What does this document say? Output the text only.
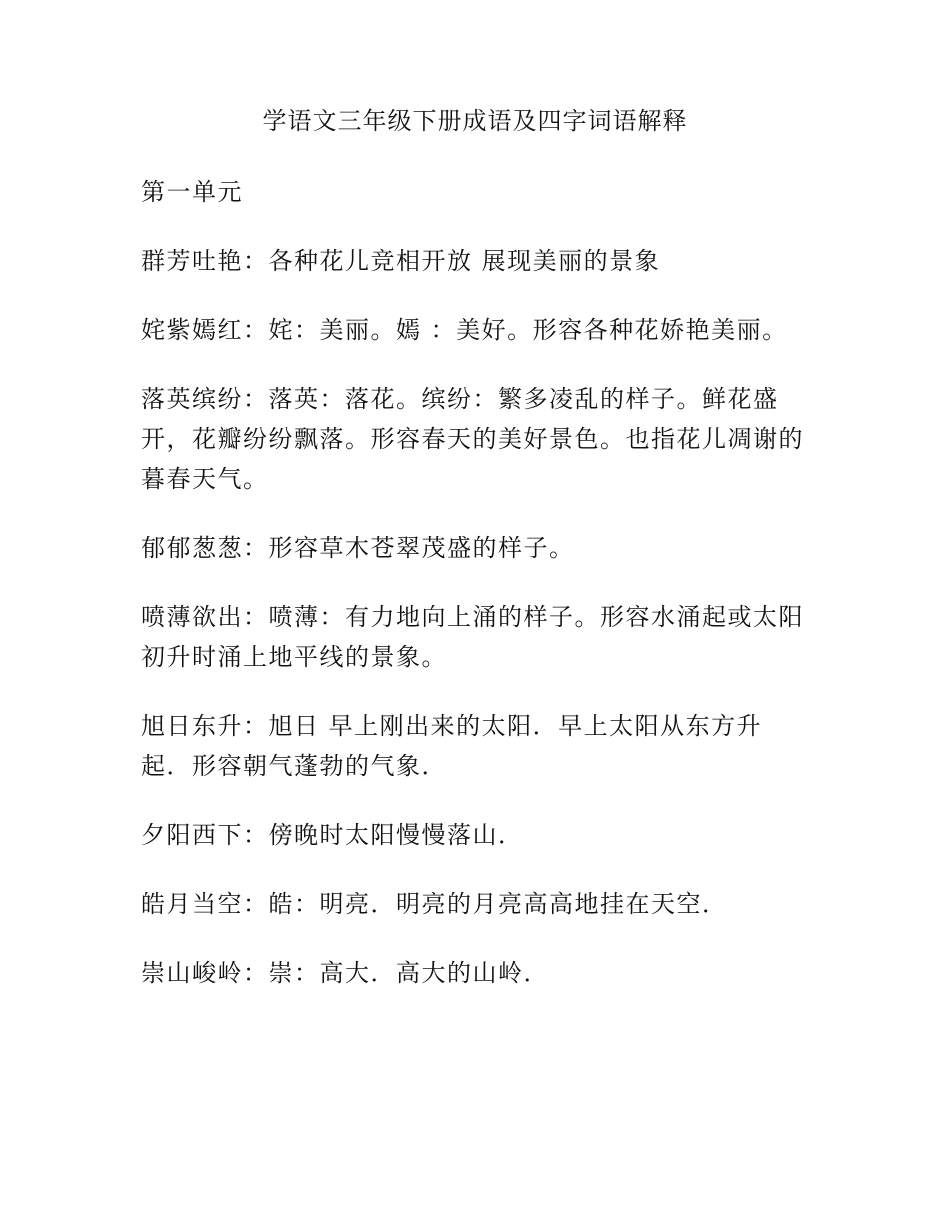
学语文三年级下册成语及四字词语解释

第一单元

群芳吐艳：各种花儿竞相开放 展现美丽的景象

姹紫嫣红：姹：美丽。嫣 ：美好。形容各种花娇艳美丽。

落英缤纷：落英：落花。缤纷：繁多凌乱的样子。鲜花盛开，花瓣纷纷飘落。形容春天的美好景色。也指花儿凋谢的暮春天气。

郁郁葱葱：形容草木苍翠茂盛的样子。

喷薄欲出：喷薄：有力地向上涌的样子。形容水涌起或太阳初升时涌上地平线的景象。

旭日东升：旭日 早上刚出来的太阳．早上太阳从东方升起．形容朝气蓬勃的气象．

夕阳西下：傍晚时太阳慢慢落山．

皓月当空：皓：明亮．明亮的月亮高高地挂在天空．

崇山峻岭：崇：高大．高大的山岭．
